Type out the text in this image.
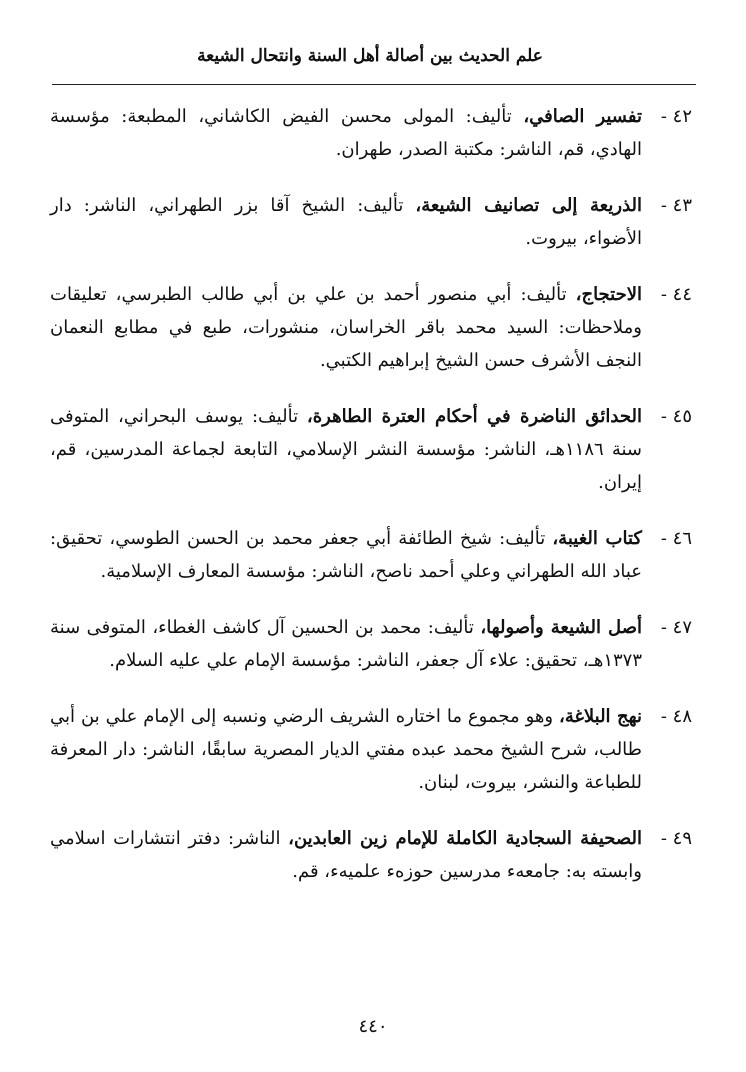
علم الحديث بين أصالة أهل السنة وانتحال الشيعة
٤٢ -
تفسير الصافي، تأليف: المولى محسن الفيض الكاشاني، المطبعة: مؤسسة الهادي، قم، الناشر: مكتبة الصدر، طهران.
٤٣ -
الذريعة إلى تصانيف الشيعة، تأليف: الشيخ آقا بزر الطهراني، الناشر: دار الأضواء، بيروت.
٤٤ -
الاحتجاج، تأليف: أبي منصور أحمد بن علي بن أبي طالب الطبرسي، تعليقات وملاحظات: السيد محمد باقر الخراسان، منشورات، طبع في مطابع النعمان النجف الأشرف حسن الشيخ إبراهيم الكتبي.
٤٥ -
الحدائق الناضرة في أحكام العترة الطاهرة، تأليف: يوسف البحراني، المتوفى سنة ١١٨٦هـ، الناشر: مؤسسة النشر الإسلامي، التابعة لجماعة المدرسين، قم، إيران.
٤٦ -
كتاب الغيبة، تأليف: شيخ الطائفة أبي جعفر محمد بن الحسن الطوسي، تحقيق: عباد الله الطهراني وعلي أحمد ناصح، الناشر: مؤسسة المعارف الإسلامية.
٤٧ -
أصل الشيعة وأصولها، تأليف: محمد بن الحسين آل كاشف الغطاء، المتوفى سنة ١٣٧٣هـ، تحقيق: علاء آل جعفر، الناشر: مؤسسة الإمام علي عليه السلام.
٤٨ -
نهج البلاغة، وهو مجموع ما اختاره الشريف الرضي ونسبه إلى الإمام علي بن أبي طالب، شرح الشيخ محمد عبده مفتي الديار المصرية سابقًا، الناشر: دار المعرفة للطباعة والنشر، بيروت، لبنان.
٤٩ -
الصحيفة السجادية الكاملة للإمام زين العابدين، الناشر: دفتر انتشارات اسلامي وابسته به: جامعهء مدرسين حوزهء علميهء، قم.
٤٤٠
